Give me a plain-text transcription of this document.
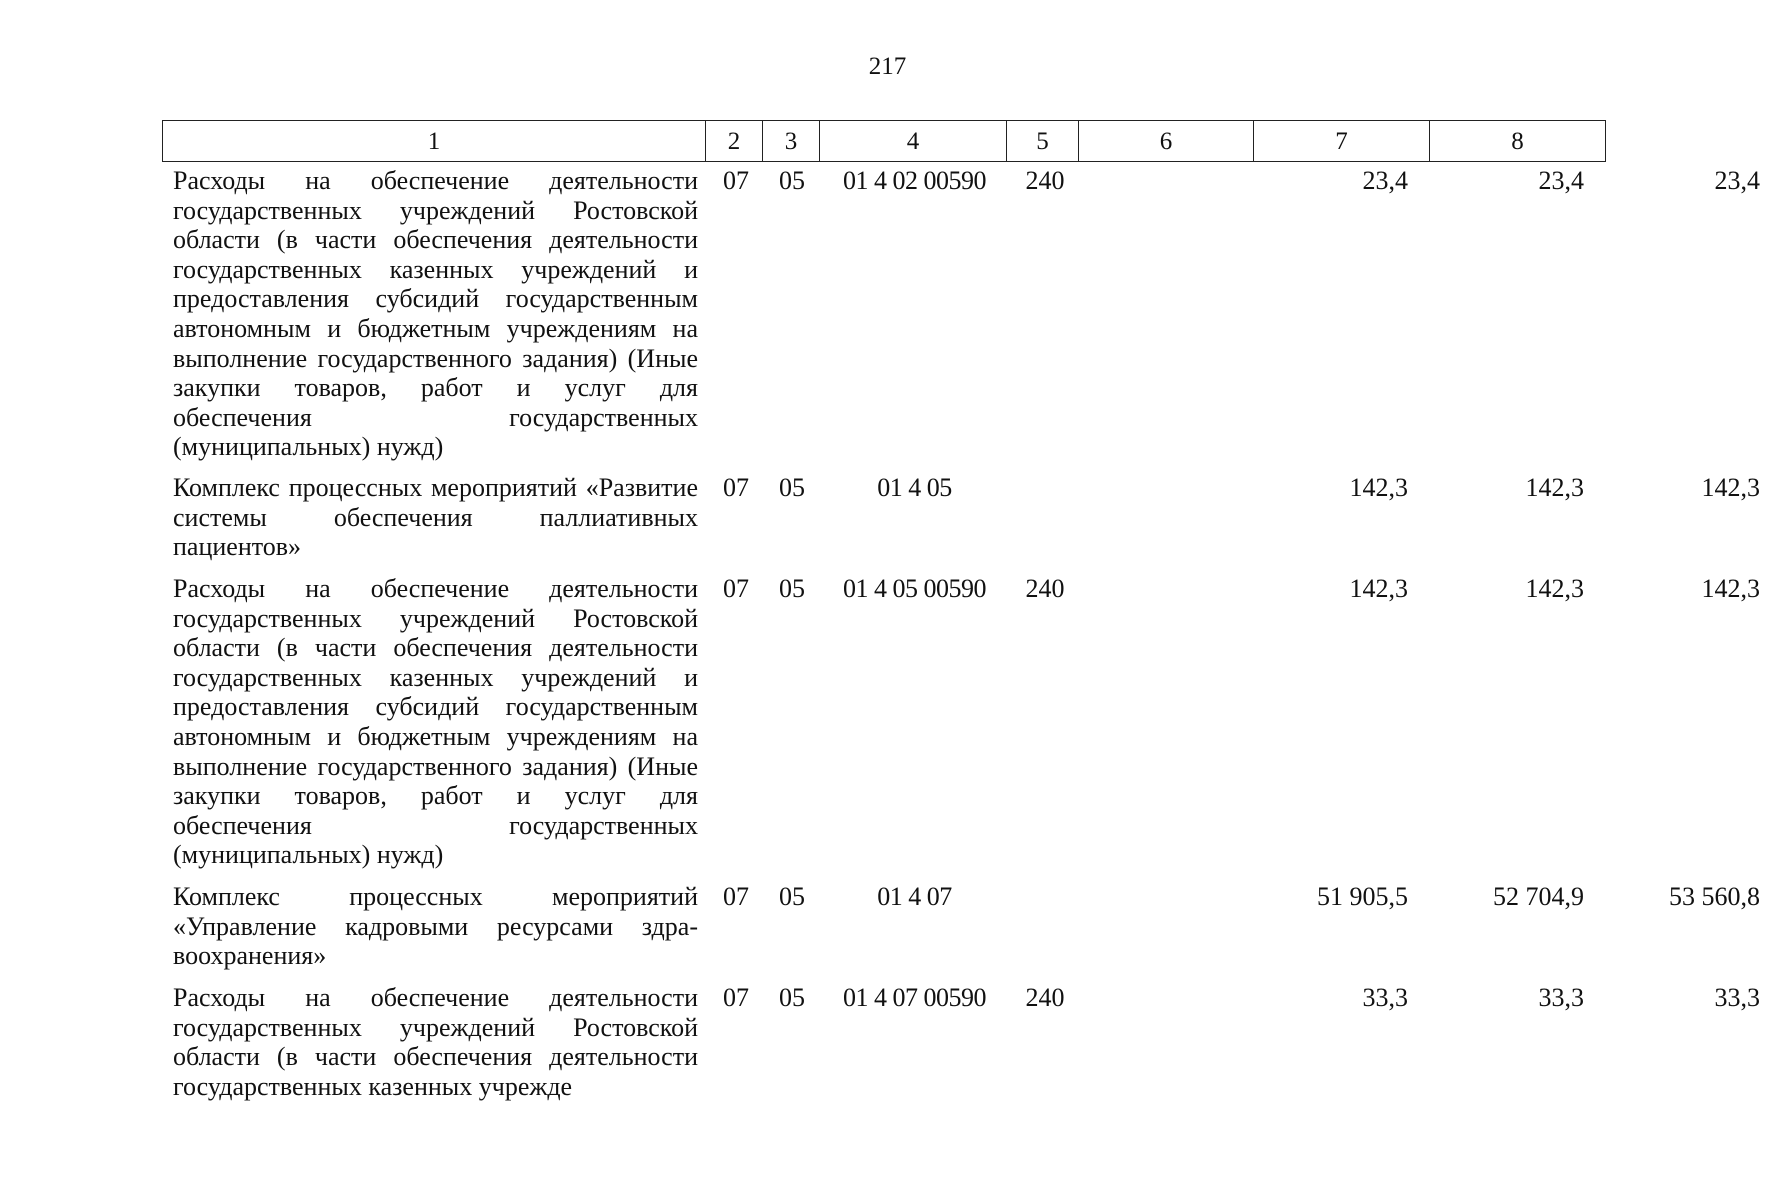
217
1	2	3	4	5	6	7	8
Расходы на обеспечение деятельности государственных учреждений Ростовской области (в части обеспечения деятельности государственных казенных учреждений и предоставления субсидий государственным автономным и бюджетным учреждениям на выполнение государственного задания) (Иные закупки товаров, работ и услуг для обеспечения государственных (муниципальных) нужд)
07	05	01 4 02 00590	240	23,4	23,4	23,4
Комплекс процессных мероприятий «Развитие системы обеспечения паллиативных пациентов»
07	05	01 4 05	142,3	142,3	142,3
Расходы на обеспечение деятельности государственных учреждений Ростовской области (в части обеспечения деятельности государственных казенных учреждений и предоставления субсидий государственным автономным и бюджетным учреждениям на выполнение государственного задания) (Иные закупки товаров, работ и услуг для обеспечения государственных (муниципальных) нужд)
07	05	01 4 05 00590	240	142,3	142,3	142,3
Комплекс процессных мероприятий «Управление кадровыми ресурсами здравоохранения»
07	05	01 4 07	51 905,5	52 704,9	53 560,8
Расходы на обеспечение деятельности государственных учреждений Ростовской области (в части обеспечения деятельности государственных казенных учрежде
07	05	01 4 07 00590	240	33,3	33,3	33,3
